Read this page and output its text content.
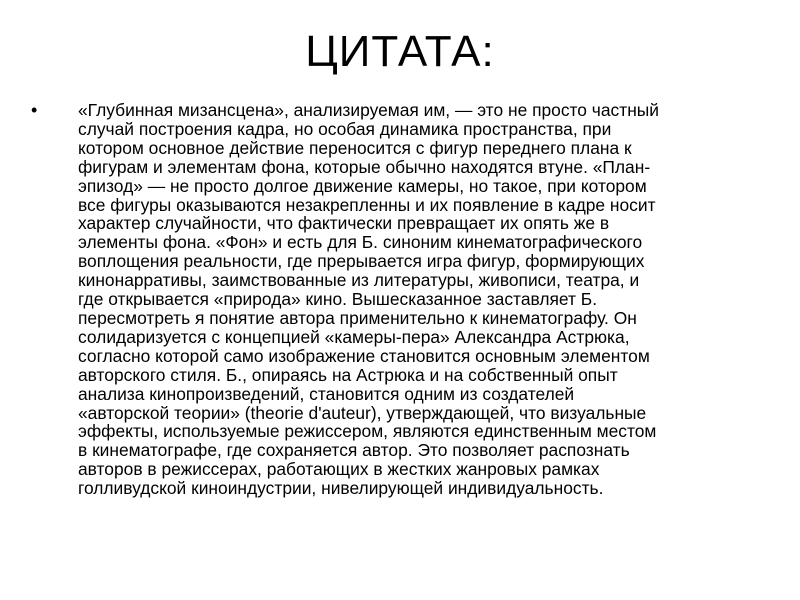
ЦИТАТА:
• «Глубинная мизансцена», анализируемая им, — это не просто частный
случай построения кадра, но особая динамика пространства, при
котором основное действие переносится с фигур переднего плана к
фигурам и элементам фона, которые обычно находятся втуне. «План-
эпизод» — не просто долгое движение камеры, но такое, при котором
все фигуры оказываются незакрепленны и их появление в кадре носит
характер случайности, что фактически превращает их опять же в
элементы фона. «Фон» и есть для Б. синоним кинематографического
воплощения реальности, где прерывается игра фигур, формирующих
кинонарративы, заимствованные из литературы, живописи, театра, и
где открывается «природа» кино. Вышесказанное заставляет Б.
пересмотреть я понятие автора применительно к кинематографу. Он
солидаризуется с концепцией «камеры-пера» Александра Астрюка,
согласно которой само изображение становится основным элементом
авторского стиля. Б., опираясь на Астрюка и на собственный опыт
анализа кинопроизведений, становится одним из создателей
«авторской теории» (theorie d'auteur), утверждающей, что визуальные
эффекты, используемые режиссером, являются единственным местом
в кинематографе, где сохраняется автор. Это позволяет распознать
авторов в режиссерах, работающих в жестких жанровых рамках
голливудской киноиндустрии, нивелирующей индивидуальность.
